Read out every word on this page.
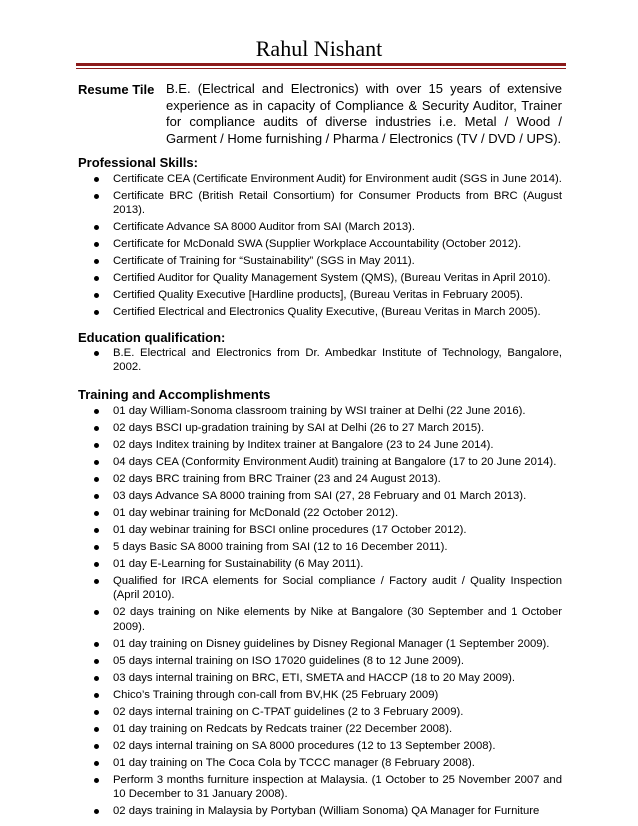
Rahul Nishant
Resume Tile B.E. (Electrical and Electronics) with over 15 years of extensive experience as in capacity of Compliance & Security Auditor, Trainer for compliance audits of diverse industries i.e. Metal / Wood / Garment / Home furnishing / Pharma / Electronics (TV / DVD / UPS).
Professional Skills:
Certificate CEA (Certificate Environment Audit) for Environment audit (SGS in June 2014).
Certificate BRC (British Retail Consortium) for Consumer Products from BRC (August 2013).
Certificate Advance SA 8000 Auditor from SAI (March 2013).
Certificate for McDonald SWA (Supplier Workplace Accountability (October 2012).
Certificate of Training for “Sustainability” (SGS in May 2011).
Certified Auditor for Quality Management System (QMS), (Bureau Veritas in April 2010).
Certified Quality Executive [Hardline products], (Bureau Veritas in February 2005).
Certified Electrical and Electronics Quality Executive, (Bureau Veritas in March 2005).
Education qualification:
B.E. Electrical and Electronics from Dr. Ambedkar Institute of Technology, Bangalore, 2002.
Training and Accomplishments
01 day William-Sonoma classroom training by WSI trainer at Delhi (22 June 2016).
02 days BSCI up-gradation training by SAI at Delhi (26 to 27 March 2015).
02 days Inditex training by Inditex trainer at Bangalore (23 to 24 June 2014).
04 days CEA (Conformity Environment Audit) training at Bangalore (17 to 20 June 2014).
02 days BRC training from BRC Trainer (23 and 24 August 2013).
03 days Advance SA 8000 training from SAI (27, 28 February and 01 March 2013).
01 day webinar training for McDonald (22 October 2012).
01 day webinar training for BSCI online procedures (17 October 2012).
5 days Basic SA 8000 training from SAI (12 to 16 December 2011).
01 day E-Learning for Sustainability (6 May 2011).
Qualified for IRCA elements for Social compliance / Factory audit / Quality Inspection (April 2010).
02 days training on Nike elements by Nike at Bangalore (30 September and 1 October 2009).
01 day training on Disney guidelines by Disney Regional Manager (1 September 2009).
05 days internal training on ISO 17020 guidelines (8 to 12 June 2009).
03 days internal training on BRC, ETI, SMETA and HACCP (18 to 20 May 2009).
Chico’s Training through con-call from BV,HK (25 February 2009)
02 days internal training on C-TPAT guidelines (2 to 3 February 2009).
01 day training on Redcats by Redcats trainer (22 December 2008).
02 days internal training on SA 8000 procedures (12 to 13 September 2008).
01 day training on The Coca Cola by TCCC manager (8 February 2008).
Perform 3 months furniture inspection at Malaysia. (1 October to 25 November 2007 and 10 December to 31 January 2008).
02 days training in Malaysia by Portyban (William Sonoma) QA Manager for Furniture
